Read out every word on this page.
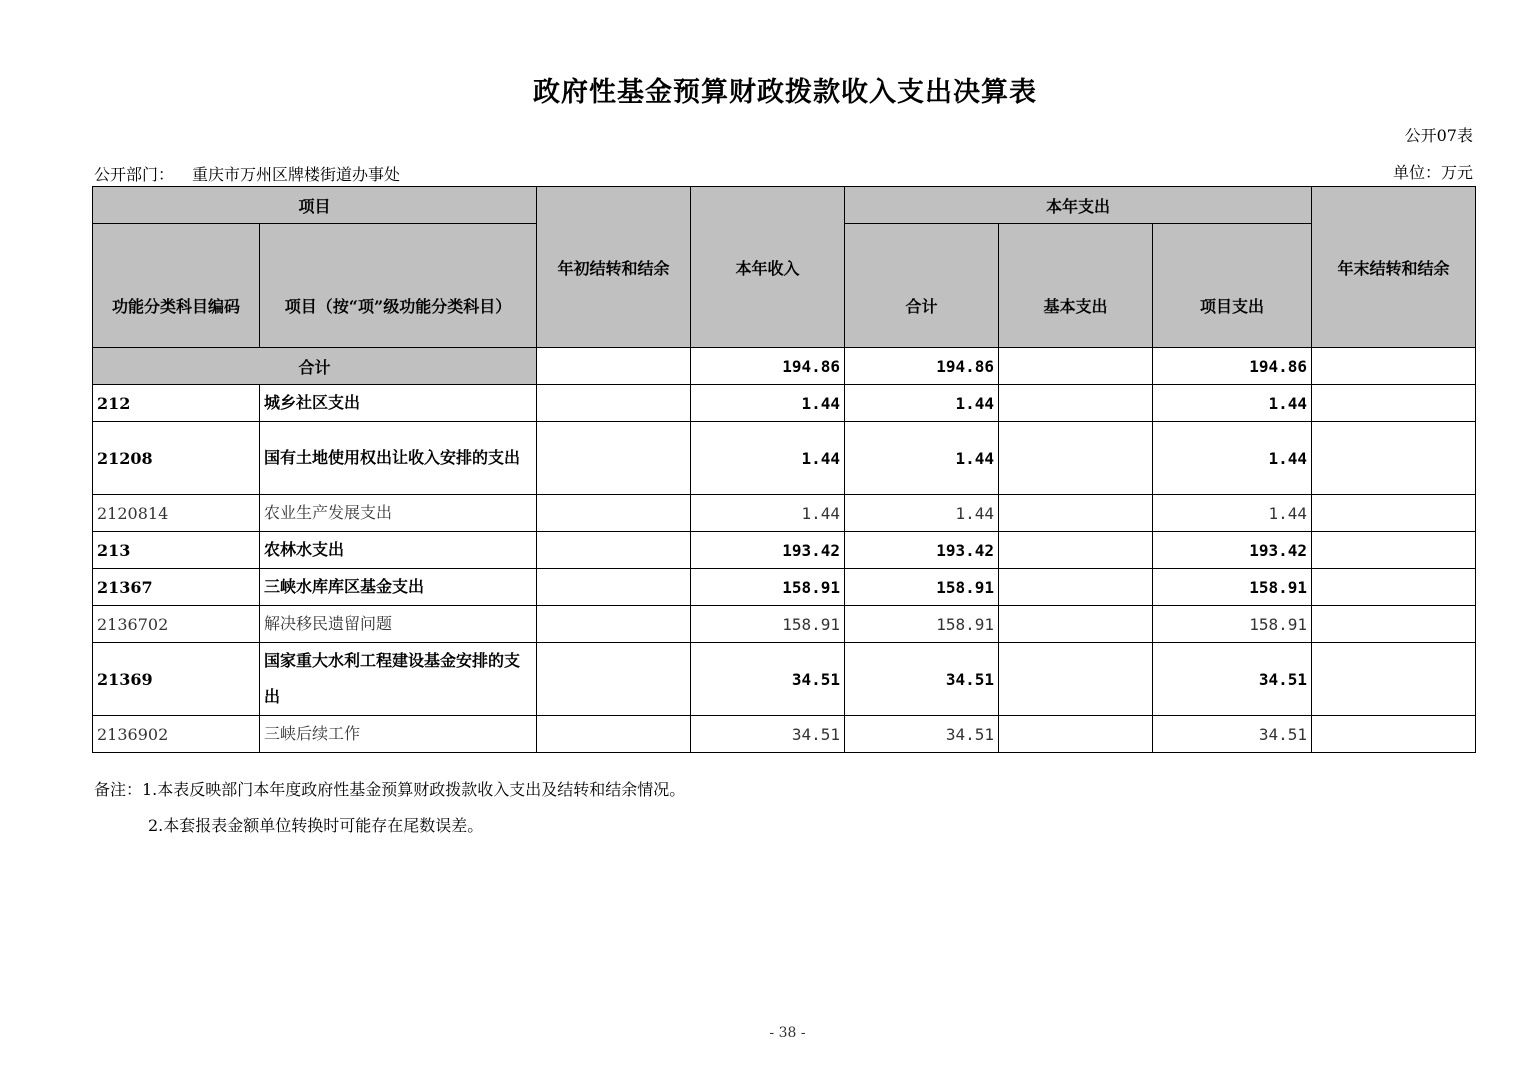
政府性基金预算财政拨款收入支出决算表
公开07表
公开部门： 重庆市万州区牌楼街道办事处	单位：万元
项目		年初结转和结余	本年收入	本年支出			年末结转和结余
功能分类科目编码	项目（按“项”级功能分类科目）			合计	基本支出	项目支出	
合计			194.86	194.86		194.86	
212	城乡社区支出		1.44	1.44		1.44	
21208	国有土地使用权出让收入安排的支出		1.44	1.44		1.44	
2120814	农业生产发展支出		1.44	1.44		1.44	
213	农林水支出		193.42	193.42		193.42	
21367	三峡水库库区基金支出		158.91	158.91		158.91	
2136702	解决移民遗留问题		158.91	158.91		158.91	
21369	国家重大水利工程建设基金安排的支出		34.51	34.51		34.51	
2136902	三峡后续工作		34.51	34.51		34.51	
备注：1.本表反映部门本年度政府性基金预算财政拨款收入支出及结转和结余情况。
2.本套报表金额单位转换时可能存在尾数误差。
- 38 -
